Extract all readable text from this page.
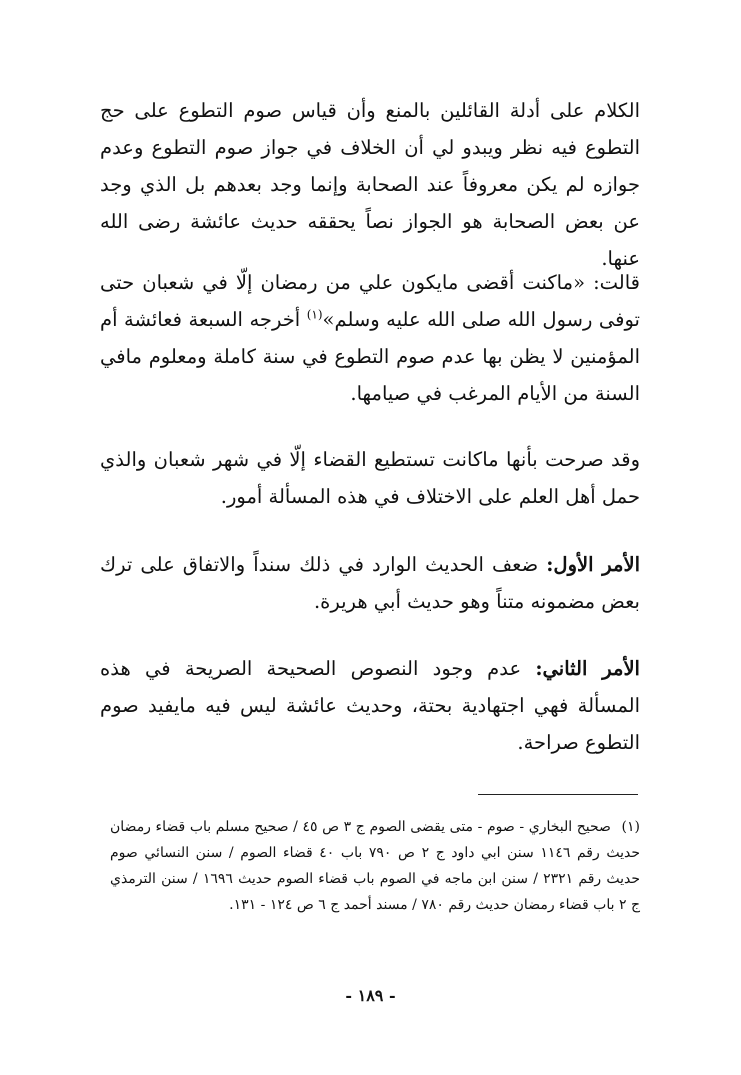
الكلام على أدلة القائلين بالمنع وأن قياس صوم التطوع على حج التطوع فيه نظر ويبدو لي أن الخلاف في جواز صوم التطوع وعدم جوازه لم يكن معروفاً عند الصحابة وإنما وجد بعدهم بل الذي وجد عن بعض الصحابة هو الجواز نصاً يحققه حديث عائشة رضى الله عنها.

قالت: «ماكنت أقضى مايكون علي من رمضان إلّا في شعبان حتى توفى رسول الله صلى الله عليه وسلم»$^{(١)}$ أخرجه السبعة فعائشة أم المؤمنين لا يظن بها عدم صوم التطوع في سنة كاملة ومعلوم مافي السنة من الأيام المرغب في صيامها.

وقد صرحت بأنها ماكانت تستطيع القضاء إلّا في شهر شعبان والذي حمل أهل العلم على الاختلاف في هذه المسألة أمور.

الأمر الأول: ضعف الحديث الوارد في ذلك سنداً والاتفاق على ترك بعض مضمونه متناً وهو حديث أبي هريرة.

الأمر الثاني: عدم وجود النصوص الصحيحة الصريحة في هذه المسألة فهي اجتهادية بحتة، وحديث عائشة ليس فيه مايفيد صوم التطوع صراحة.

(١) صحيح البخاري - صوم - متى يقضى الصوم ج ٣ ص ٤٥ / صحيح مسلم باب قضاء رمضان حديث رقم ١١٤٦ سنن ابي داود ج ٢ ص ٧٩٠ باب ٤٠ قضاء الصوم / سنن النسائي صوم حديث رقم ٢٣٢١ / سنن ابن ماجه في الصوم باب قضاء الصوم حديث ١٦٩٦ / سنن الترمذي ج ٢ باب قضاء رمضان حديث رقم ٧٨٠ / مسند أحمد ج ٦ ص ١٢٤ - ١٣١.

- ١٨٩ -
